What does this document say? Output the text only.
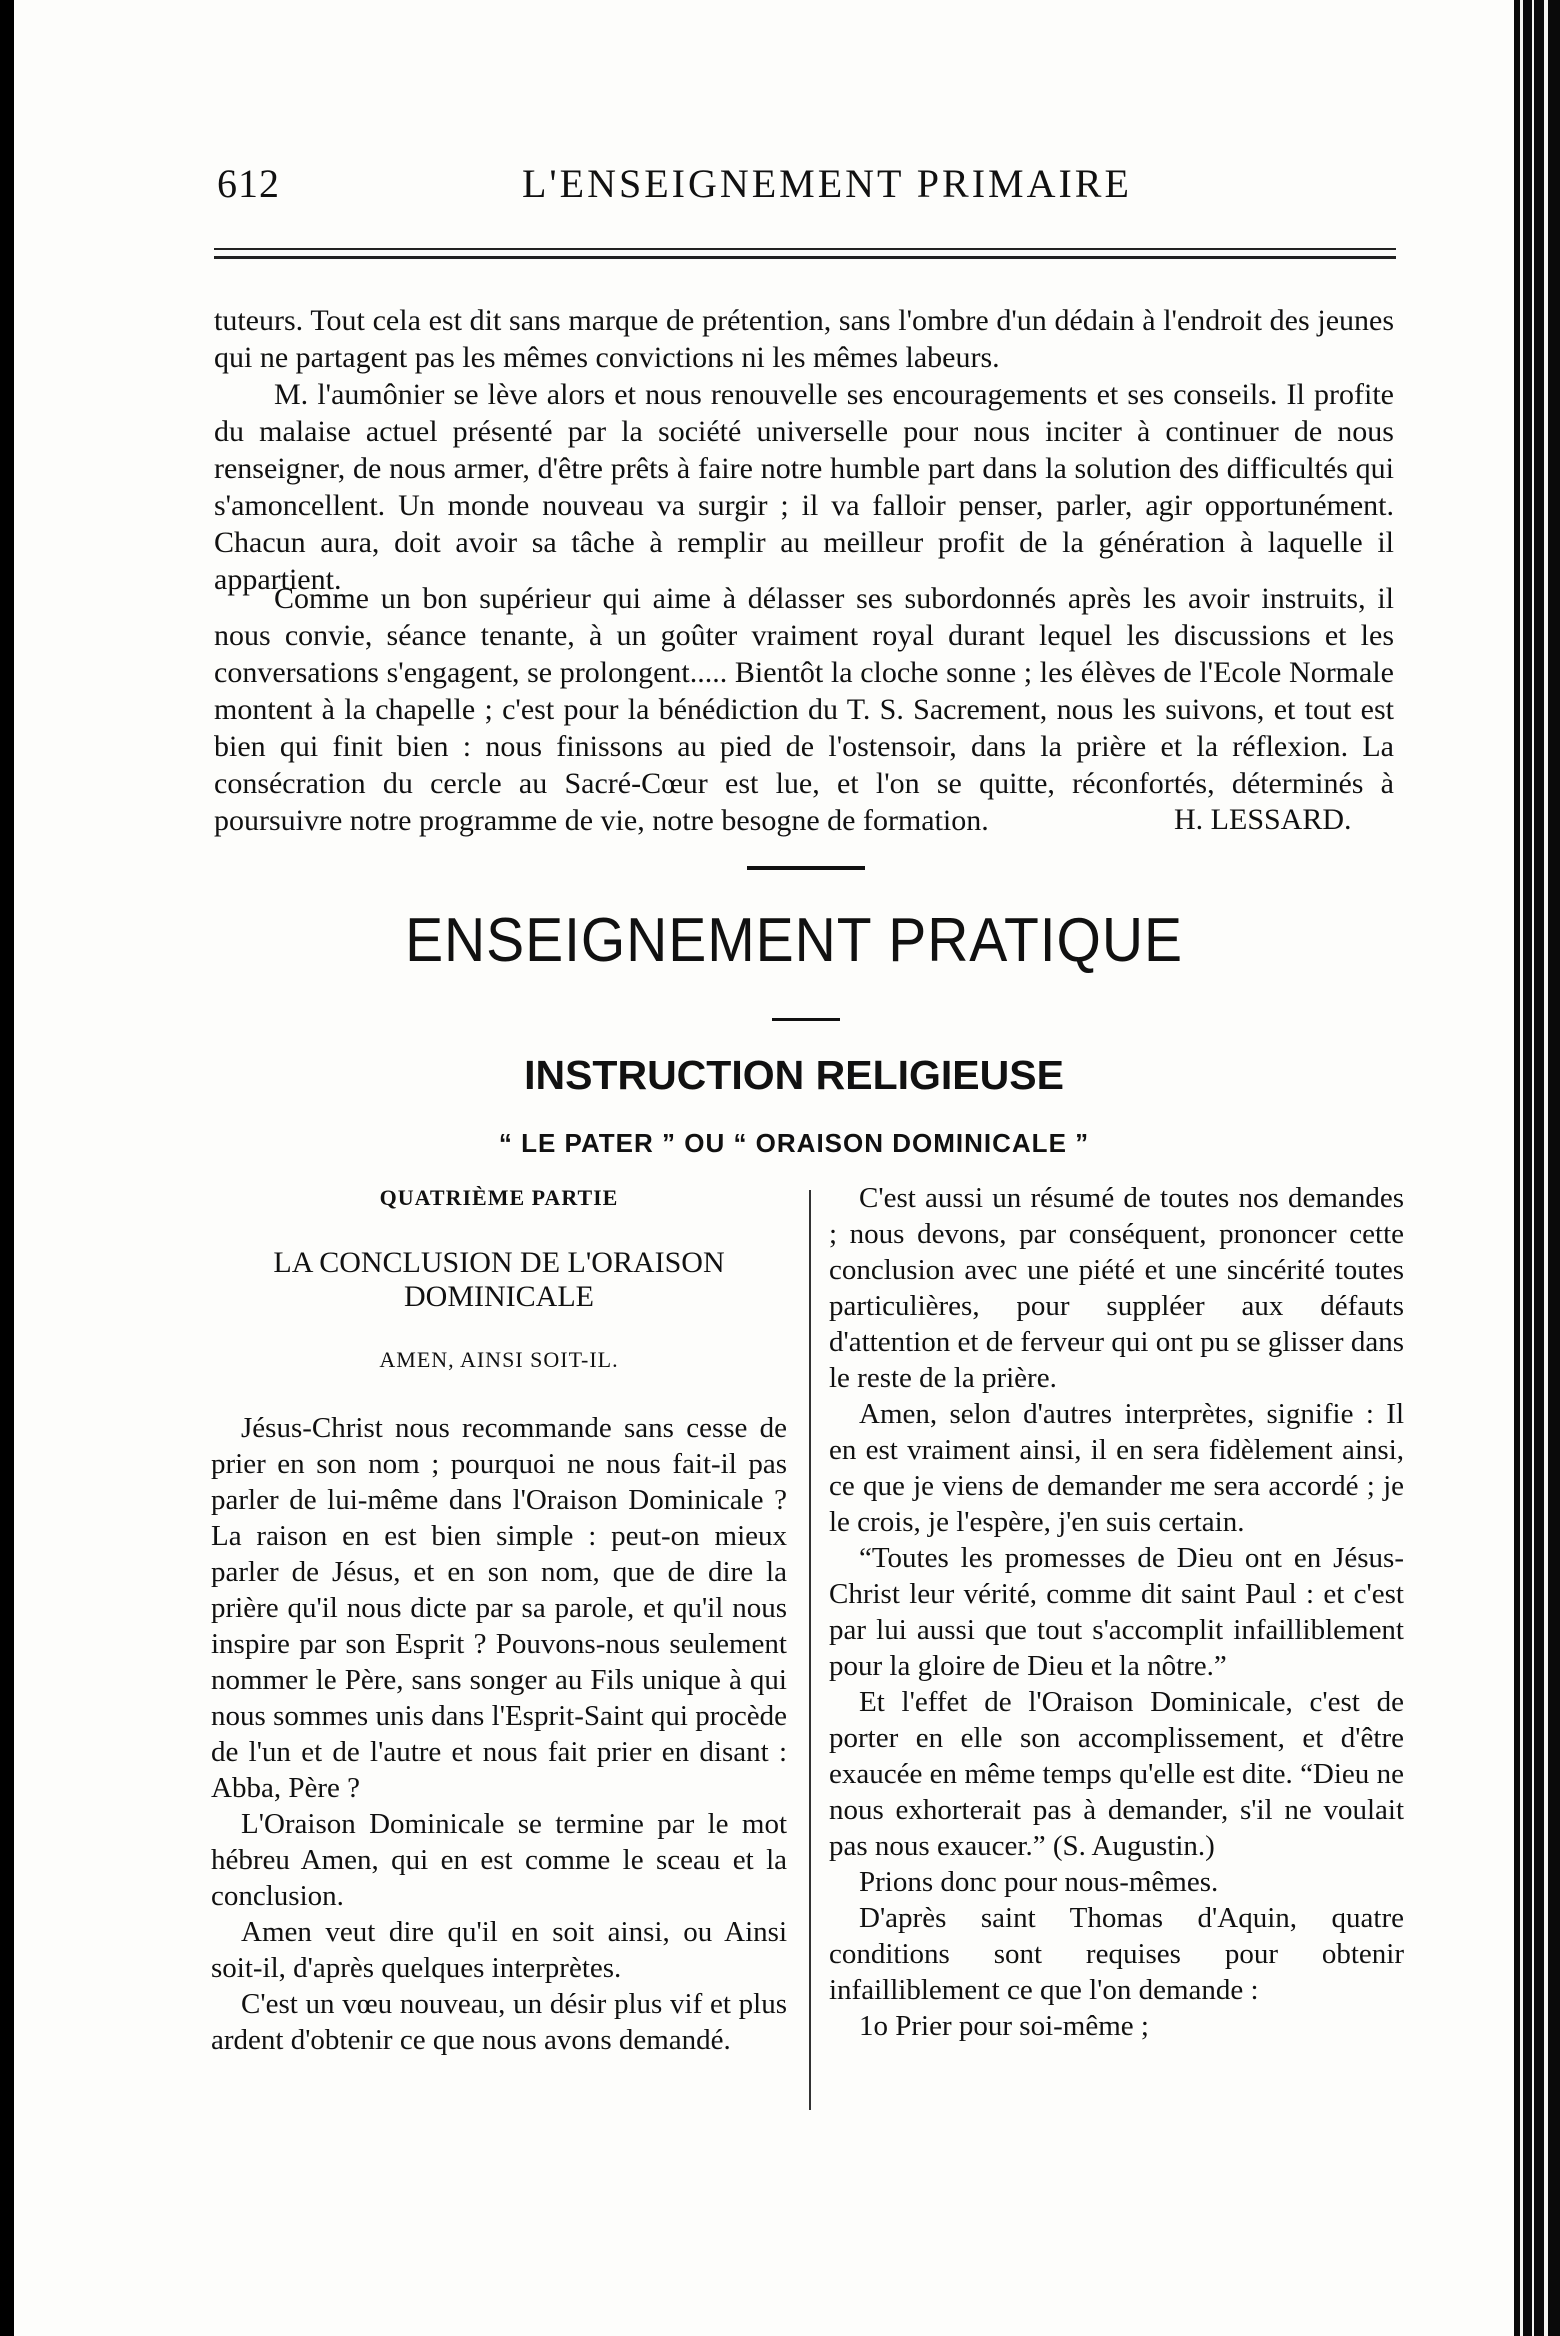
612	L'ENSEIGNEMENT PRIMAIRE
tuteurs. Tout cela est dit sans marque de prétention, sans l'ombre d'un dédain à l'endroit des jeunes qui ne partagent pas les mêmes convictions ni les mêmes labeurs.
M. l'aumônier se lève alors et nous renouvelle ses encouragements et ses conseils. Il profite du malaise actuel présenté par la société universelle pour nous inciter à continuer de nous renseigner, de nous armer, d'être prêts à faire notre humble part dans la solution des difficultés qui s'amoncellent. Un monde nouveau va surgir ; il va falloir penser, parler, agir opportunément. Chacun aura, doit avoir sa tâche à remplir au meilleur profit de la génération à laquelle il appartient.
Comme un bon supérieur qui aime à délasser ses subordonnés après les avoir instruits, il nous convie, séance tenante, à un goûter vraiment royal durant lequel les discussions et les conversations s'engagent, se prolongent..... Bientôt la cloche sonne ; les élèves de l'Ecole Normale montent à la chapelle ; c'est pour la bénédiction du T. S. Sacrement, nous les suivons, et tout est bien qui finit bien : nous finissons au pied de l'ostensoir, dans la prière et la réflexion. La consécration du cercle au Sacré-Cœur est lue, et l'on se quitte, réconfortés, déterminés à poursuivre notre programme de vie, notre besogne de formation.	H. LESSARD.
ENSEIGNEMENT PRATIQUE
INSTRUCTION RELIGIEUSE
“ LE PATER ” OU “ ORAISON DOMINICALE ”
QUATRIÈME PARTIE
LA CONCLUSION DE L'ORAISON DOMINICALE
AMEN, AINSI SOIT-IL.

Jésus-Christ nous recommande sans cesse de prier en son nom ; pourquoi ne nous fait-il pas parler de lui-même dans l'Oraison Dominicale ? La raison en est bien simple : peut-on mieux parler de Jésus, et en son nom, que de dire la prière qu'il nous dicte par sa parole, et qu'il nous inspire par son Esprit ? Pouvons-nous seulement nommer le Père, sans songer au Fils unique à qui nous sommes unis dans l'Esprit-Saint qui procède de l'un et de l'autre et nous fait prier en disant : Abba, Père ?

L'Oraison Dominicale se termine par le mot hébreu Amen, qui en est comme le sceau et la conclusion.

Amen veut dire qu'il en soit ainsi, ou Ainsi soit-il, d'après quelques interprètes.

C'est un vœu nouveau, un désir plus vif et plus ardent d'obtenir ce que nous avons demandé.

C'est aussi un résumé de toutes nos demandes ; nous devons, par conséquent, prononcer cette conclusion avec une piété et une sincérité toutes particulières, pour suppléer aux défauts d'attention et de ferveur qui ont pu se glisser dans le reste de la prière.

Amen, selon d'autres interprètes, signifie : Il en est vraiment ainsi, il en sera fidèlement ainsi, ce que je viens de demander me sera accordé ; je le crois, je l'espère, j'en suis certain.

“Toutes les promesses de Dieu ont en Jésus-Christ leur vérité, comme dit saint Paul : et c'est par lui aussi que tout s'accomplit infailliblement pour la gloire de Dieu et la nôtre.”

Et l'effet de l'Oraison Dominicale, c'est de porter en elle son accomplissement, et d'être exaucée en même temps qu'elle est dite. “Dieu ne nous exhorterait pas à demander, s'il ne voulait pas nous exaucer.” (S. Augustin.)

Prions donc pour nous-mêmes.

D'après saint Thomas d'Aquin, quatre conditions sont requises pour obtenir infailliblement ce que l'on demande :

1o Prier pour soi-même ;
